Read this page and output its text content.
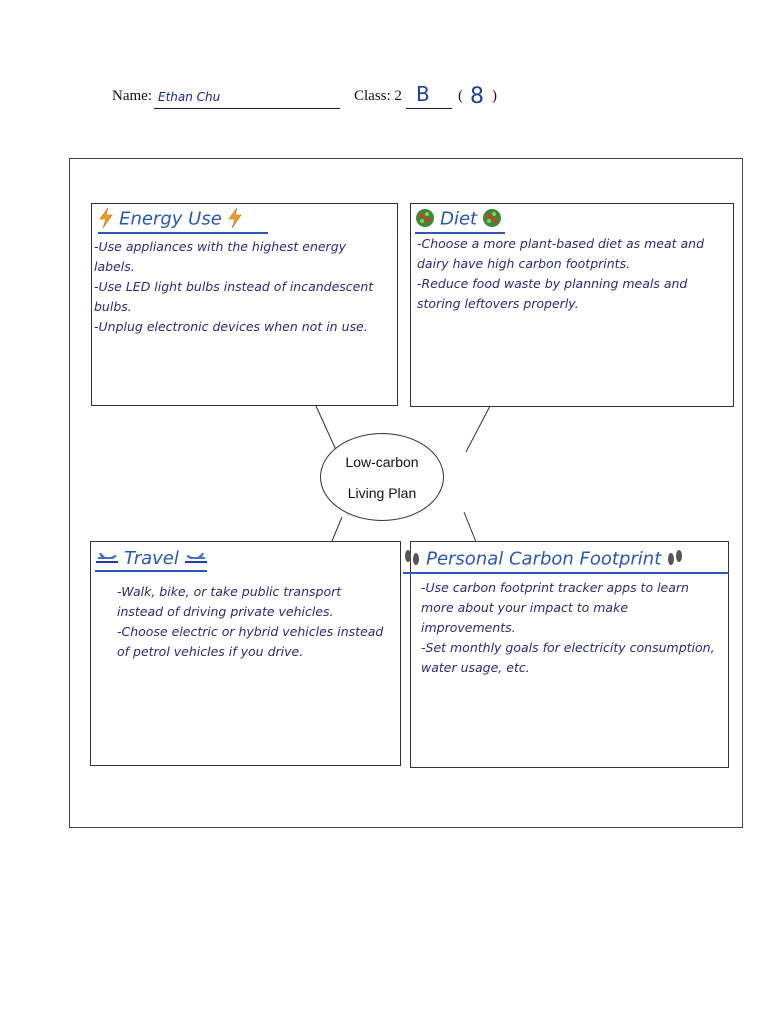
Name: Ethan Chu	Class: 2 B ( 8 )
Energy Use

-Use appliances with the highest energy labels.

-Use LED light bulbs instead of incandescent bulbs.

-Unplug electronic devices when not in use.

Diet

-Choose a more plant-based diet as meat and dairy have high carbon footprints.

-Reduce food waste by planning meals and storing leftovers properly.

Low-carbon
Living Plan
Travel

-Walk, bike, or take public transport instead of driving private vehicles.

-Choose electric or hybrid vehicles instead of petrol vehicles if you drive.

Personal Carbon Footprint

-Use carbon footprint tracker apps to learn more about your impact to make improvements.

-Set monthly goals for electricity consumption, water usage, etc.
